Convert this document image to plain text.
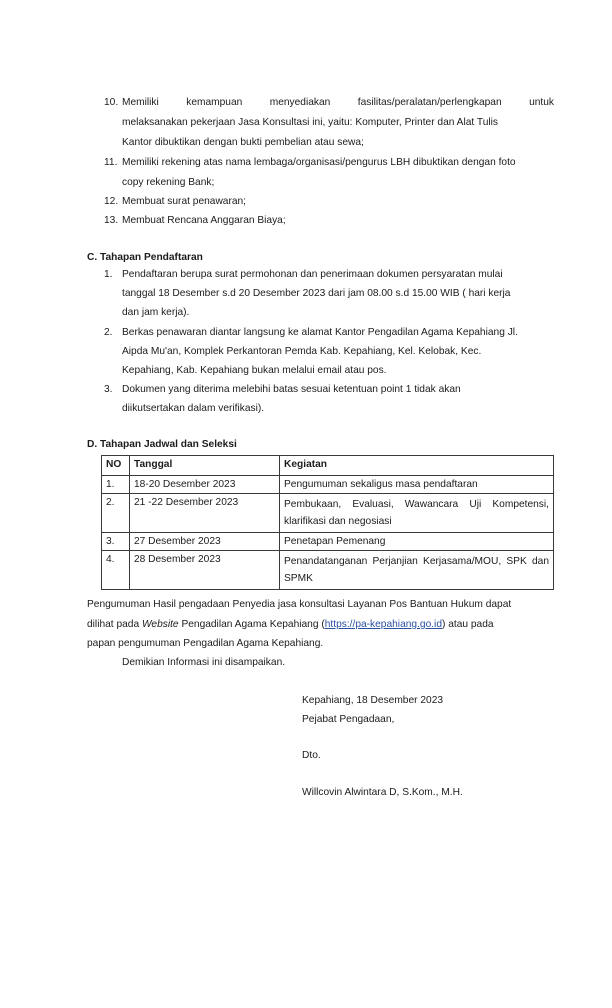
10. Memiliki	kemampuan	menyediakan	fasilitas/peralatan/perlengkapan	untuk
melaksanakan pekerjaan Jasa Konsultasi ini, yaitu: Komputer, Printer dan Alat Tulis
Kantor dibuktikan dengan bukti pembelian atau sewa;
11. Memiliki rekening atas nama lembaga/organisasi/pengurus LBH dibuktikan dengan foto
copy rekening Bank;
12. Membuat surat penawaran;
13. Membuat Rencana Anggaran Biaya;
C. Tahapan Pendaftaran
1. Pendaftaran berupa surat permohonan dan penerimaan dokumen persyaratan mulai
tanggal 18 Desember s.d 20 Desember 2023 dari jam 08.00 s.d 15.00 WIB ( hari kerja
dan jam kerja).
2. Berkas penawaran diantar langsung ke alamat Kantor Pengadilan Agama Kepahiang Jl.
Aipda Mu'an, Komplek Perkantoran Pemda Kab. Kepahiang, Kel. Kelobak, Kec.
Kepahiang, Kab. Kepahiang bukan melalui email atau pos.
3. Dokumen yang diterima melebihi batas sesuai ketentuan point 1 tidak akan
diikutsertakan dalam verifikasi).
D. Tahapan Jadwal dan Seleksi
NO	Tanggal	Kegiatan
1.	18-20 Desember 2023	Pengumuman sekaligus masa pendaftaran
2.	21 -22 Desember 2023	Pembukaan, Evaluasi, Wawancara Uji Kompetensi, klarifikasi dan negosiasi
3.	27 Desember 2023	Penetapan Pemenang
4.	28 Desember 2023	Penandatanganan Perjanjian Kerjasama/MOU, SPK dan SPMK
Pengumuman Hasil pengadaan Penyedia jasa konsultasi Layanan Pos Bantuan Hukum dapat
dilihat pada Website Pengadilan Agama Kepahiang (https://pa-kepahiang.go.id) atau pada
papan pengumuman Pengadilan Agama Kepahiang.
Demikian Informasi ini disampaikan.
Kepahiang, 18 Desember 2023
Pejabat Pengadaan,
Dto.
Willcovin Alwintara D, S.Kom., M.H.
